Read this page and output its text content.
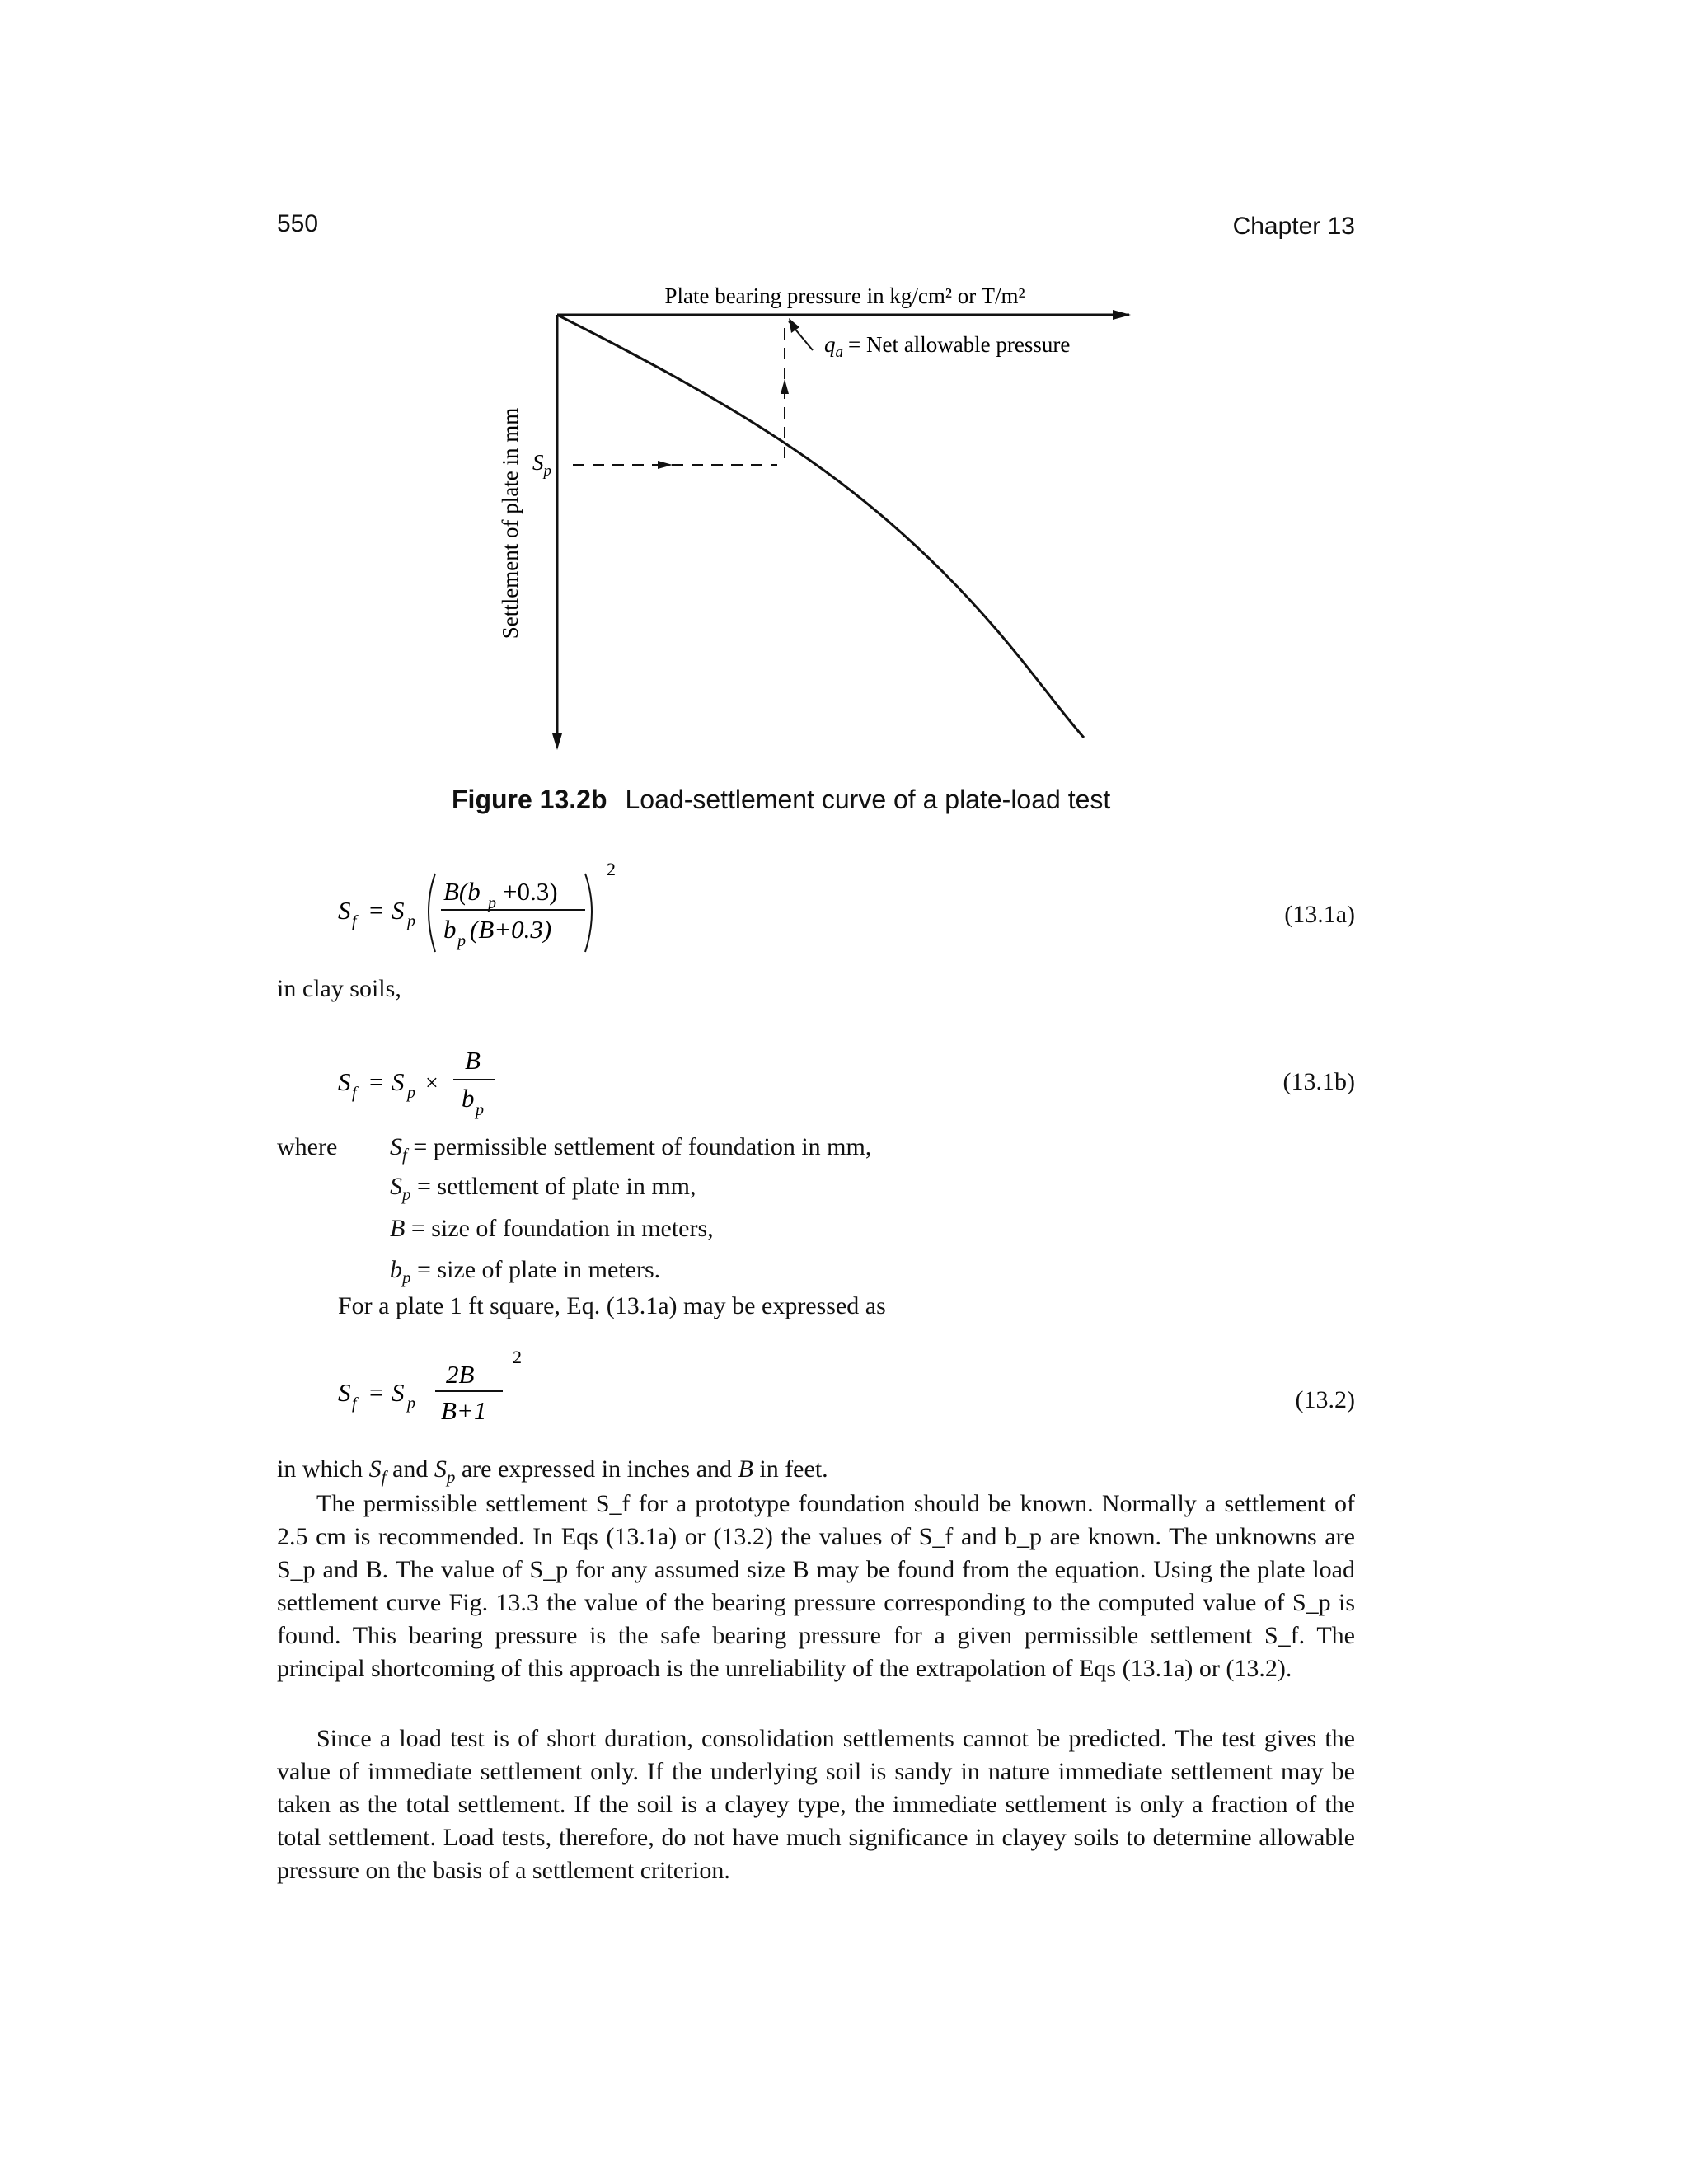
550	Chapter 13
Plate bearing pressure in kg/cm² or T/m²
Settlement of plate in mm $S_p$
$q_a$ = Net allowable pressure
Figure 13.2b Load-settlement curve of a plate-load test
S f = S p
B(b p +0.3)
b p (B+0.3)
2
(13.1a)
in clay soils,
S f = S p ×
B
b p
(13.1b)
where $S_f$ = permissible settlement of foundation in mm,
$S_p$ = settlement of plate in mm,
B = size of foundation in meters,
$b_p$ = size of plate in meters.
For a plate 1 ft square, Eq. (13.1a) may be expressed as
S f = S p
2B
B+1
2
(13.2)
in which $S_f$ and $S_p$ are expressed in inches and B in feet.
The permissible settlement S_f for a prototype foundation should be known. Normally a settlement of 2.5 cm is recommended. In Eqs (13.1a) or (13.2) the values of S_f and b_p are known. The unknowns are S_p and B. The value of S_p for any assumed size B may be found from the equation. Using the plate load settlement curve Fig. 13.3 the value of the bearing pressure corresponding to the computed value of S_p is found. This bearing pressure is the safe bearing pressure for a given permissible settlement S_f. The principal shortcoming of this approach is the unreliability of the extrapolation of Eqs (13.1a) or (13.2).
Since a load test is of short duration, consolidation settlements cannot be predicted. The test gives the value of immediate settlement only. If the underlying soil is sandy in nature immediate settlement may be taken as the total settlement. If the soil is a clayey type, the immediate settlement is only a fraction of the total settlement. Load tests, therefore, do not have much significance in clayey soils to determine allowable pressure on the basis of a settlement criterion.
